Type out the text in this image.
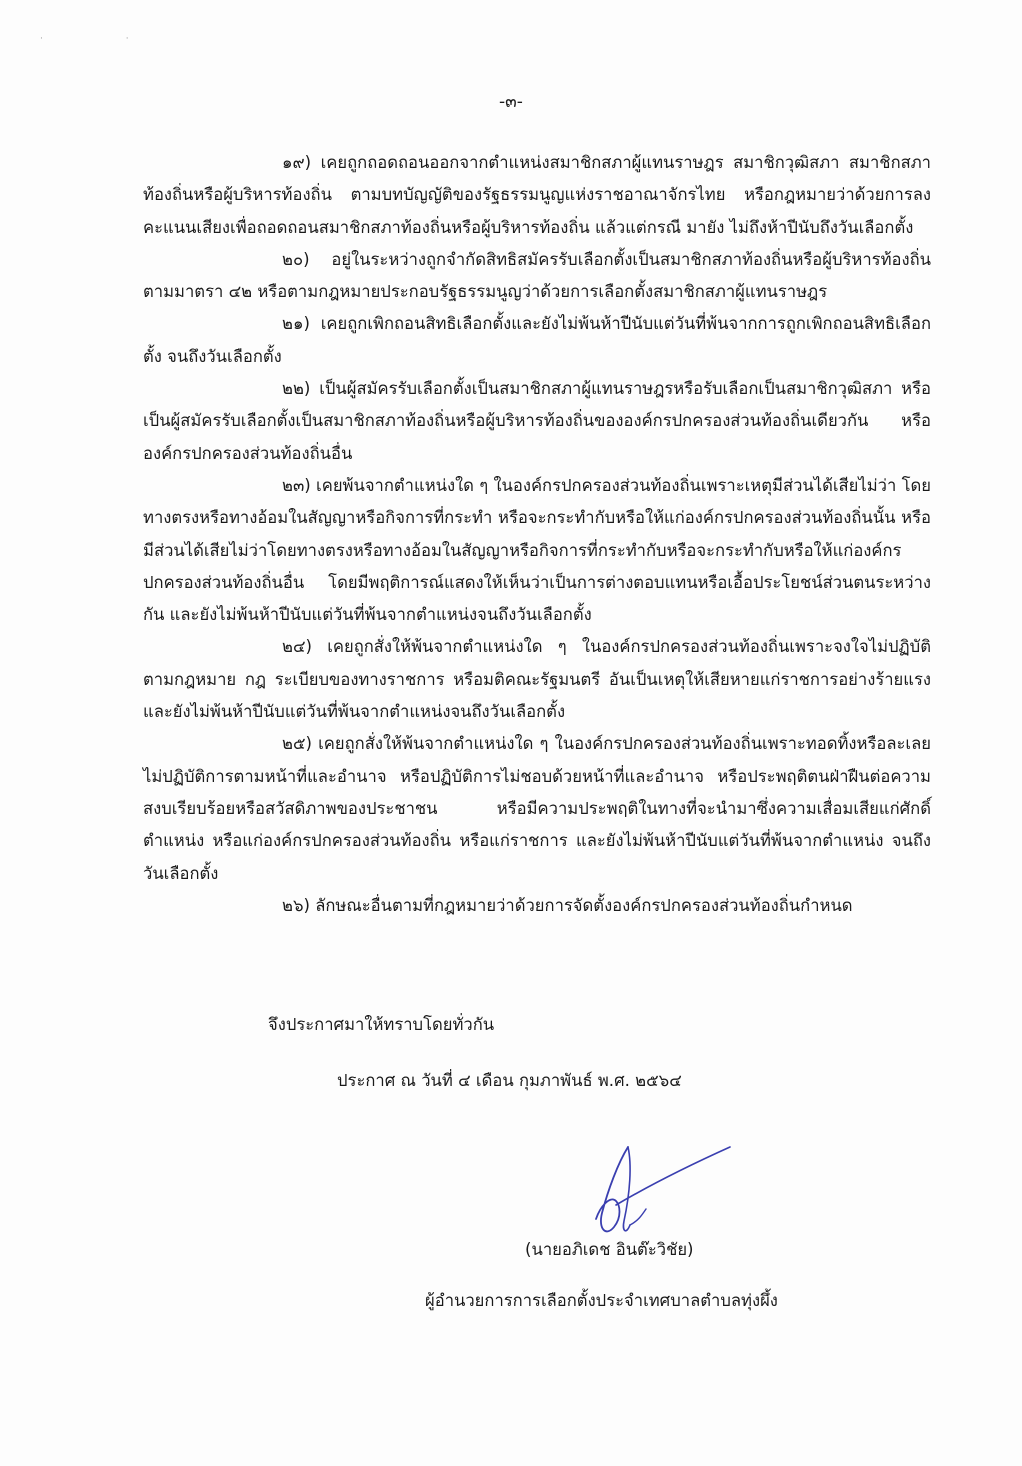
· ·
-๓-

๑๙) เคยถูกถอดถอนออกจากตำแหน่งสมาชิกสภาผู้แทนราษฎร สมาชิกวุฒิสภา สมาชิกสภาท้องถิ่นหรือผู้บริหารท้องถิ่น ตามบทบัญญัติของรัฐธรรมนูญแห่งราชอาณาจักรไทย หรือกฎหมายว่าด้วยการลงคะแนนเสียงเพื่อถอดถอนสมาชิกสภาท้องถิ่นหรือผู้บริหารท้องถิ่น แล้วแต่กรณี มายัง ไม่ถึงห้าปีนับถึงวันเลือกตั้ง

๒๐) อยู่ในระหว่างถูกจำกัดสิทธิสมัครรับเลือกตั้งเป็นสมาชิกสภาท้องถิ่นหรือผู้บริหารท้องถิ่น ตามมาตรา ๔๒ หรือตามกฎหมายประกอบรัฐธรรมนูญว่าด้วยการเลือกตั้งสมาชิกสภาผู้แทนราษฎร

๒๑) เคยถูกเพิกถอนสิทธิเลือกตั้งและยังไม่พ้นห้าปีนับแต่วันที่พ้นจากการถูกเพิกถอนสิทธิเลือกตั้ง จนถึงวันเลือกตั้ง

๒๒) เป็นผู้สมัครรับเลือกตั้งเป็นสมาชิกสภาผู้แทนราษฎรหรือรับเลือกเป็นสมาชิกวุฒิสภา หรือเป็นผู้สมัครรับเลือกตั้งเป็นสมาชิกสภาท้องถิ่นหรือผู้บริหารท้องถิ่นขององค์กรปกครองส่วนท้องถิ่นเดียวกัน หรือองค์กรปกครองส่วนท้องถิ่นอื่น

๒๓) เคยพ้นจากตำแหน่งใด ๆ ในองค์กรปกครองส่วนท้องถิ่นเพราะเหตุมีส่วนได้เสียไม่ว่า โดยทางตรงหรือทางอ้อมในสัญญาหรือกิจการที่กระทำ หรือจะกระทำกับหรือให้แก่องค์กรปกครองส่วนท้องถิ่นนั้น หรือมีส่วนได้เสียไม่ว่าโดยทางตรงหรือทางอ้อมในสัญญาหรือกิจการที่กระทำกับหรือจะกระทำกับหรือให้แก่องค์กรปกครองส่วนท้องถิ่นอื่น โดยมีพฤติการณ์แสดงให้เห็นว่าเป็นการต่างตอบแทนหรือเอื้อประโยชน์ส่วนตนระหว่างกัน และยังไม่พ้นห้าปีนับแต่วันที่พ้นจากตำแหน่งจนถึงวันเลือกตั้ง

๒๔) เคยถูกสั่งให้พ้นจากตำแหน่งใด ๆ ในองค์กรปกครองส่วนท้องถิ่นเพราะจงใจไม่ปฏิบัติ ตามกฎหมาย กฎ ระเบียบของทางราชการ หรือมติคณะรัฐมนตรี อันเป็นเหตุให้เสียหายแก่ราชการอย่างร้ายแรง และยังไม่พ้นห้าปีนับแต่วันที่พ้นจากตำแหน่งจนถึงวันเลือกตั้ง

๒๕) เคยถูกสั่งให้พ้นจากตำแหน่งใด ๆ ในองค์กรปกครองส่วนท้องถิ่นเพราะทอดทิ้งหรือละเลยไม่ปฏิบัติการตามหน้าที่และอำนาจ หรือปฏิบัติการไม่ชอบด้วยหน้าที่และอำนาจ หรือประพฤติตนฝ่าฝืนต่อความสงบเรียบร้อยหรือสวัสดิภาพของประชาชน หรือมีความประพฤติในทางที่จะนำมาซึ่งความเสื่อมเสียแก่ศักดิ์ตำแหน่ง หรือแก่องค์กรปกครองส่วนท้องถิ่น หรือแก่ราชการ และยังไม่พ้นห้าปีนับแต่วันที่พ้นจากตำแหน่ง จนถึงวันเลือกตั้ง

๒๖) ลักษณะอื่นตามที่กฎหมายว่าด้วยการจัดตั้งองค์กรปกครองส่วนท้องถิ่นกำหนด

จึงประกาศมาให้ทราบโดยทั่วกัน
ประกาศ ณ วันที่ ๔ เดือน กุมภาพันธ์ พ.ศ. ๒๕๖๔
(นายอภิเดช อินต๊ะวิชัย)
ผู้อำนวยการการเลือกตั้งประจำเทศบาลตำบลทุ่งผึ้ง
